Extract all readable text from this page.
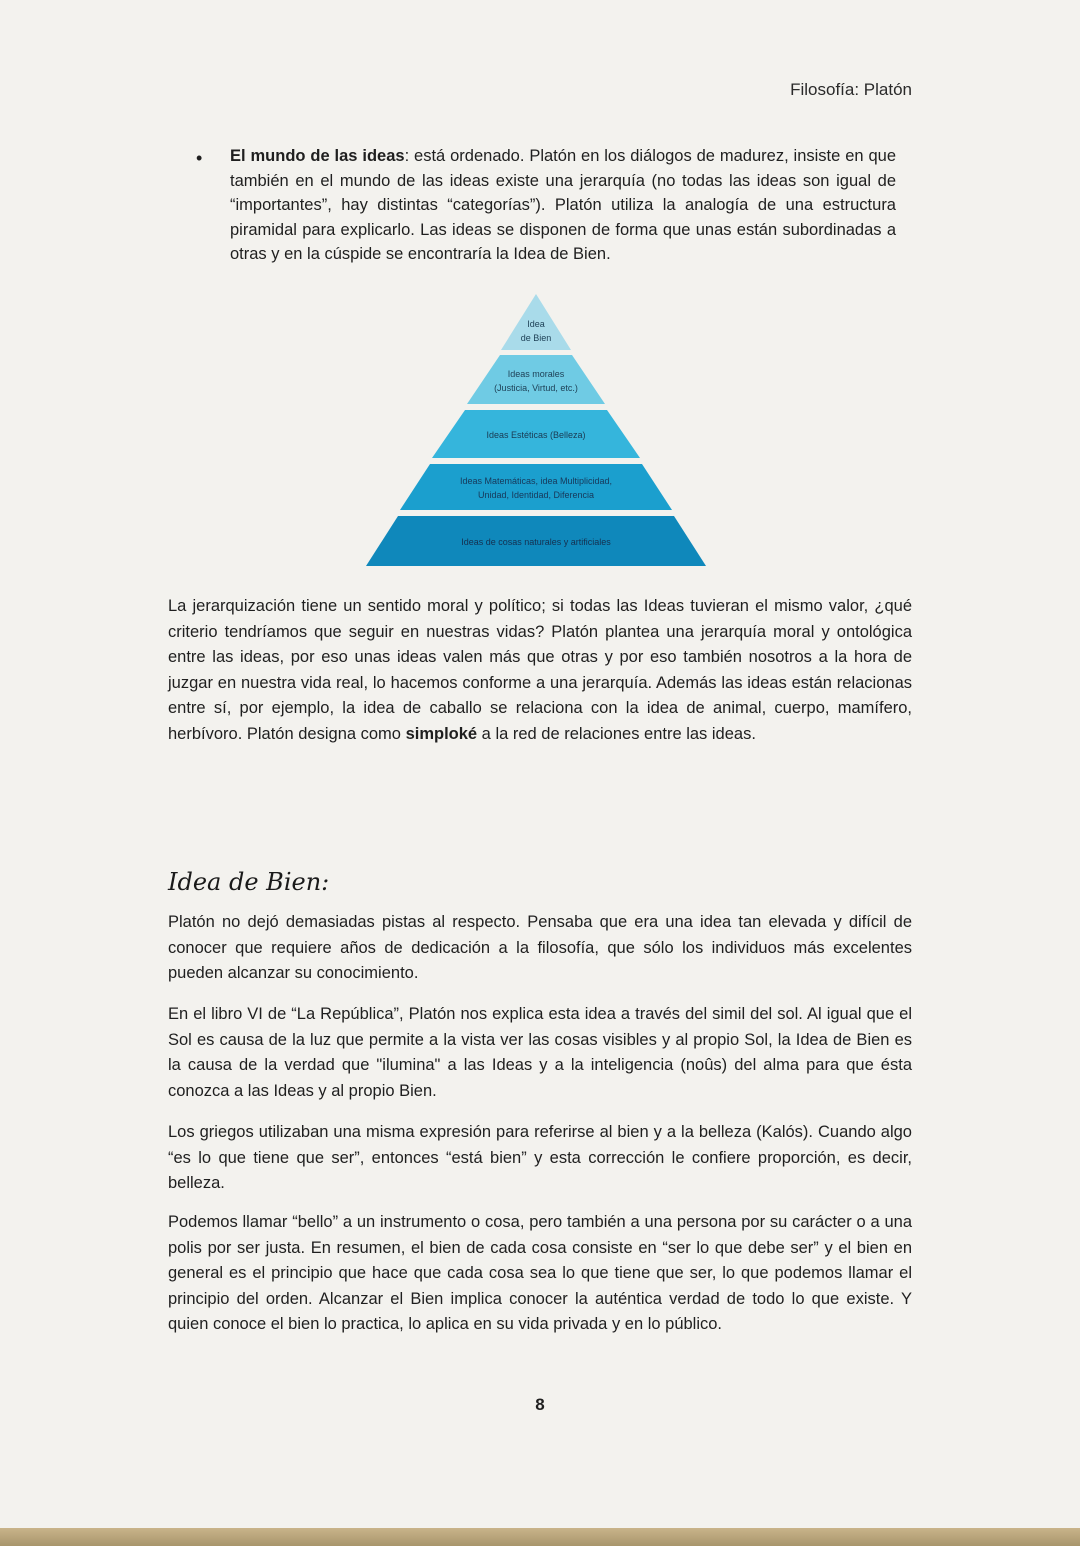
Filosofía: Platón
• El mundo de las ideas: está ordenado. Platón en los diálogos de madurez, insiste en que también en el mundo de las ideas existe una jerarquía (no todas las ideas son igual de “importantes”, hay distintas “categorías”). Platón utiliza la analogía de una estructura piramidal para explicarlo. Las ideas se disponen de forma que unas están subordinadas a otras y en la cúspide se encontraría la Idea de Bien.
Idea
de Bien
Ideas morales
(Justicia, Virtud, etc.)
Ideas Estéticas (Belleza)
Ideas Matemáticas, idea Multiplicidad,
Unidad, Identidad, Diferencia
Ideas de cosas naturales y artificiales

La jerarquización tiene un sentido moral y político; si todas las Ideas tuvieran el mismo valor, ¿qué criterio tendríamos que seguir en nuestras vidas? Platón plantea una jerarquía moral y ontológica entre las ideas, por eso unas ideas valen más que otras y por eso también nosotros a la hora de juzgar en nuestra vida real, lo hacemos conforme a una jerarquía. Además las ideas están relacionas entre sí, por ejemplo, la idea de caballo se relaciona con la idea de animal, cuerpo, mamífero, herbívoro. Platón designa como simploké a la red de relaciones entre las ideas.

Idea de Bien:

Platón no dejó demasiadas pistas al respecto. Pensaba que era una idea tan elevada y difícil de conocer que requiere años de dedicación a la filosofía, que sólo los individuos más excelentes pueden alcanzar su conocimiento.

En el libro VI de “La República”, Platón nos explica esta idea a través del simil del sol. Al igual que el Sol es causa de la luz que permite a la vista ver las cosas visibles y al propio Sol, la Idea de Bien es la causa de la verdad que "ilumina" a las Ideas y a la inteligencia (noûs) del alma para que ésta conozca a las Ideas y al propio Bien.

Los griegos utilizaban una misma expresión para referirse al bien y a la belleza (Kalós). Cuando algo “es lo que tiene que ser”, entonces “está bien” y esta corrección le confiere proporción, es decir, belleza.

Podemos llamar “bello” a un instrumento o cosa, pero también a una persona por su carácter o a una polis por ser justa. En resumen, el bien de cada cosa consiste en “ser lo que debe ser” y el bien en general es el principio que hace que cada cosa sea lo que tiene que ser, lo que podemos llamar el principio del orden. Alcanzar el Bien implica conocer la auténtica verdad de todo lo que existe. Y quien conoce el bien lo practica, lo aplica en su vida privada y en lo público.

8
